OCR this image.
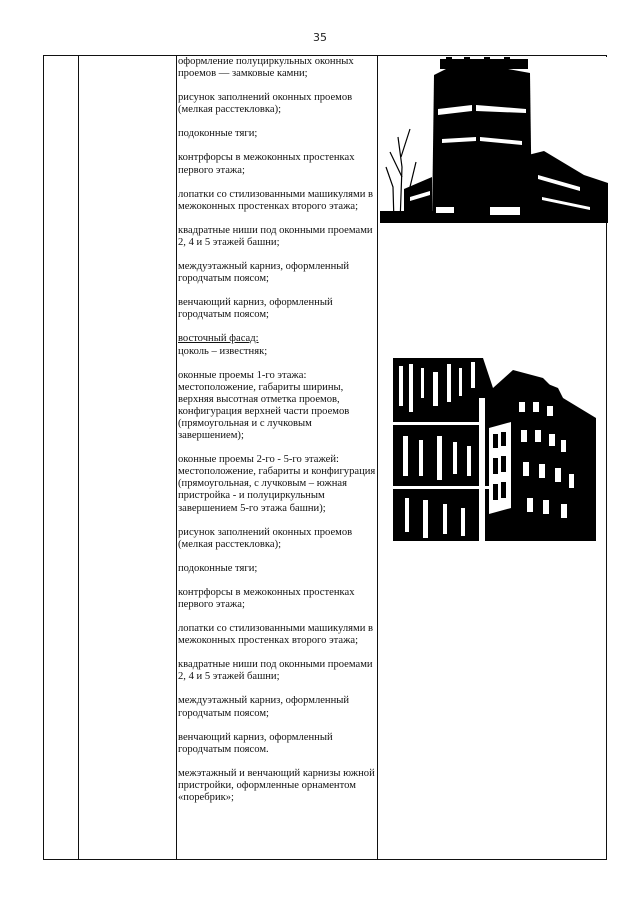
35

оформление полуциркульных оконных проемов — замковые камни;

рисунок заполнений оконных проемов (мелкая расстекловка);

подоконные тяги;

контрфорсы в межоконных простенках первого этажа;

лопатки со стилизованными машикулями в межоконных простенках второго этажа;

квадратные ниши под оконными проемами 2, 4 и 5 этажей башни;

междуэтажный карниз, оформленный городчатым поясом;

венчающий карниз, оформленный городчатым поясом;

восточный фасад:
цоколь – известняк;

оконные проемы 1-го этажа: местоположение, габариты ширины, верхняя высотная отметка проемов, конфигурация верхней части проемов (прямоугольная и с лучковым завершением);

оконные проемы 2-го - 5-го этажей: местоположение, габариты и конфигурация (прямоугольная, с лучковым – южная пристройка - и полуциркульным завершением 5-го этажа башни);

рисунок заполнений оконных проемов (мелкая расстекловка);

подоконные тяги;

контрфорсы в межоконных простенках первого этажа;

лопатки со стилизованными машикулями в межоконных простенках второго этажа;

квадратные ниши под оконными проемами 2, 4 и 5 этажей башни;

междуэтажный карниз, оформленный городчатым поясом;

венчающий карниз, оформленный городчатым поясом.

межэтажный и венчающий карнизы южной пристройки, оформленные орнаментом «поребрик»;
